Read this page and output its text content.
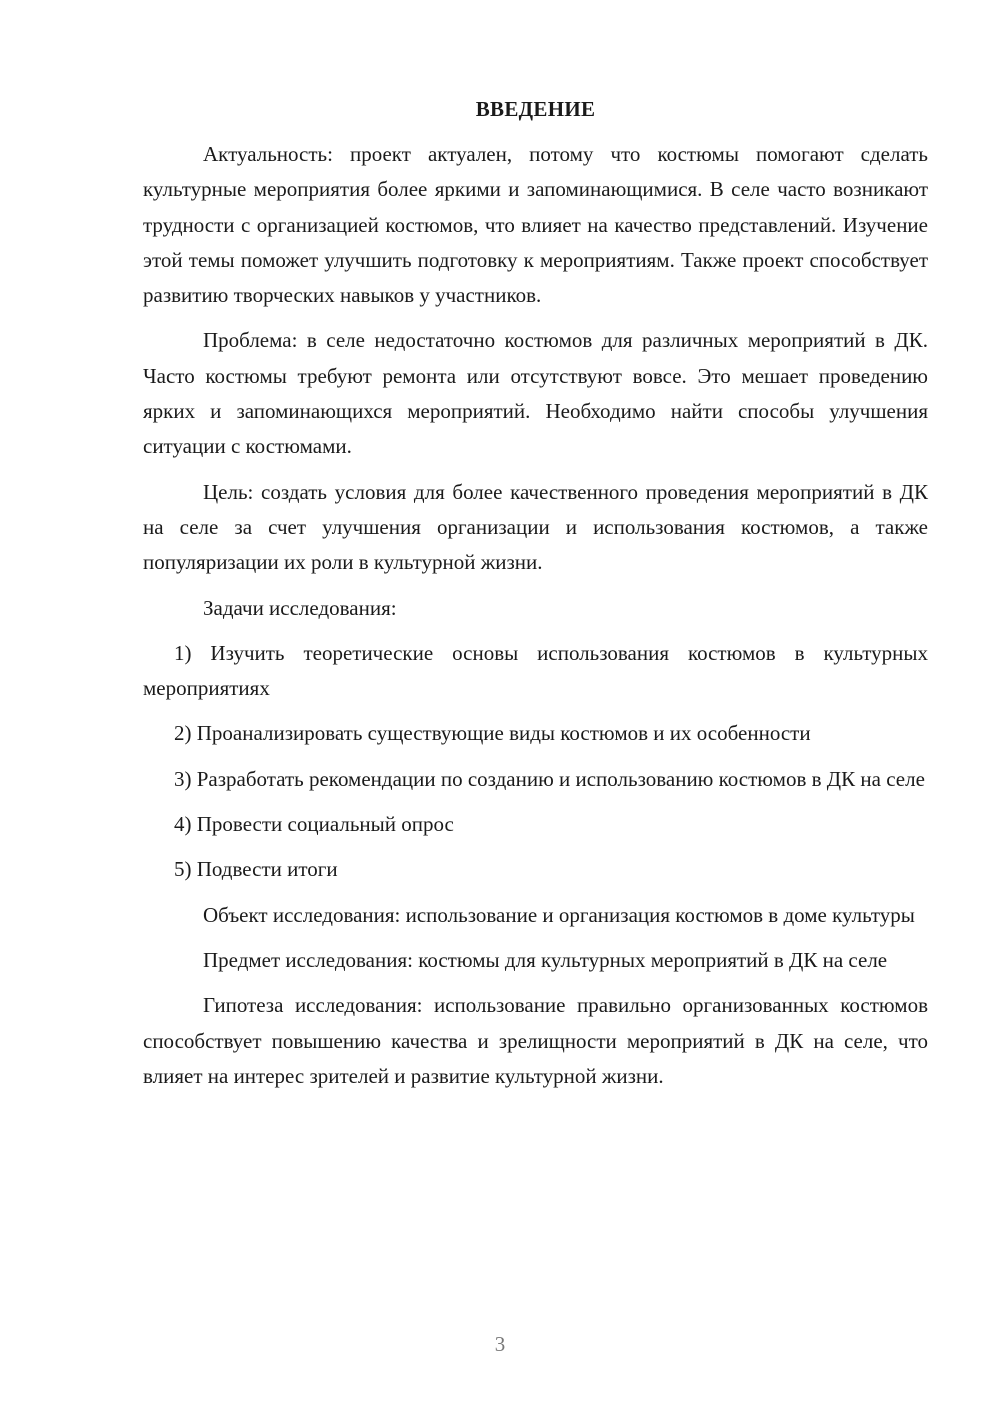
ВВЕДЕНИЕ

Актуальность: проект актуален, потому что костюмы помогают сделать культурные мероприятия более яркими и запоминающимися. В селе часто возникают трудности с организацией костюмов, что влияет на качество представлений. Изучение этой темы поможет улучшить подготовку к мероприятиям. Также проект способствует развитию творческих навыков у участников.

Проблема: в селе недостаточно костюмов для различных мероприятий в ДК. Часто костюмы требуют ремонта или отсутствуют вовсе. Это мешает проведению ярких и запоминающихся мероприятий. Необходимо найти способы улучшения ситуации с костюмами.

Цель: создать условия для более качественного проведения мероприятий в ДК на селе за счет улучшения организации и использования костюмов, а также популяризации их роли в культурной жизни.

Задачи исследования:

1) Изучить теоретические основы использования костюмов в культурных мероприятиях

2) Проанализировать существующие виды костюмов и их особенности

3) Разработать рекомендации по созданию и использованию костюмов в ДК на селе

4) Провести социальный опрос

5) Подвести итоги

Объект исследования: использование и организация костюмов в доме культуры

Предмет исследования: костюмы для культурных мероприятий в ДК на селе

Гипотеза исследования: использование правильно организованных костюмов способствует повышению качества и зрелищности мероприятий в ДК на селе, что влияет на интерес зрителей и развитие культурной жизни.

3
